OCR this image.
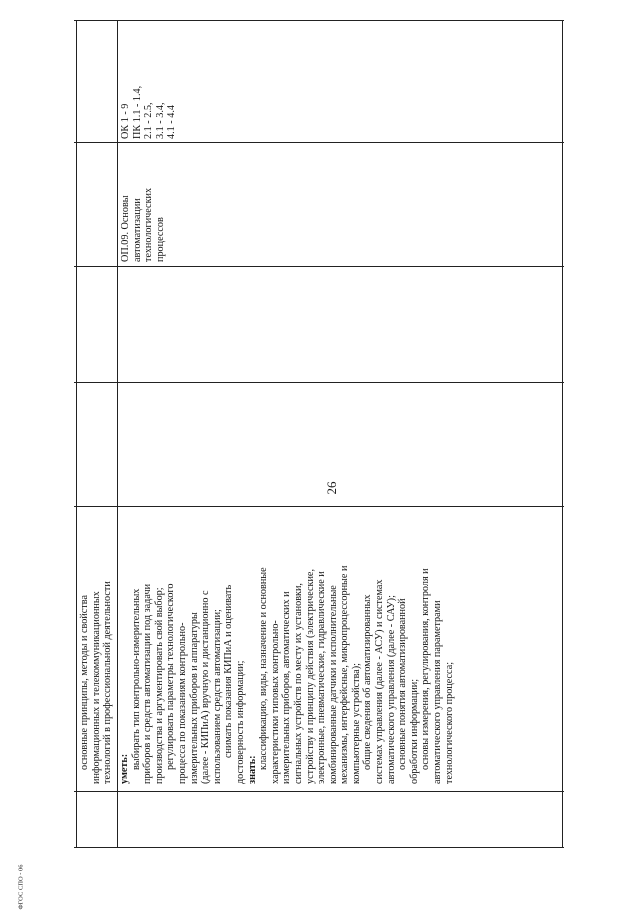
26

основные принципы, методы и свойства информационных и телекоммуникационных технологий в профессиональной деятельности уметь: выбирать тип контрольно-измерительных приборов и средств автоматизации под задачи производства и аргументировать свой выбор; регулировать параметры технологического процесса по показаниям контрольно- измерительных приборов и аппаратуры (далее - КИПиА) вручную и дистанционно с использованием средств автоматизации; снимать показания КИПиА и оценивать достоверность информации; знать: классификацию, виды, назначение и основные характеристики типовых контрольно- измерительных приборов, автоматических и сигнальных устройств по месту их установки, устройству и принципу действия (электрические, электронные, пневматические, гидравлические и комбинированные датчики и исполнительные механизмы, интерфейсные, микропроцессорные и компьютерные устройства); общие сведения об автоматизированных системах управления (далее - АСУ) и системах автоматического управления (далее - САУ); основные понятия автоматизированной обработки информации; основы измерения, регулирования, контроля и автоматического управления параметрами технологического процесса;

ОП.09. Основы автоматизации технологических процессов

ОК 1 - 9 ПК 1.1 - 1.4, 2.1 - 2.5, 3.1 - 3.4, 4.1 - 4.4

ФГОС СПО - 06
